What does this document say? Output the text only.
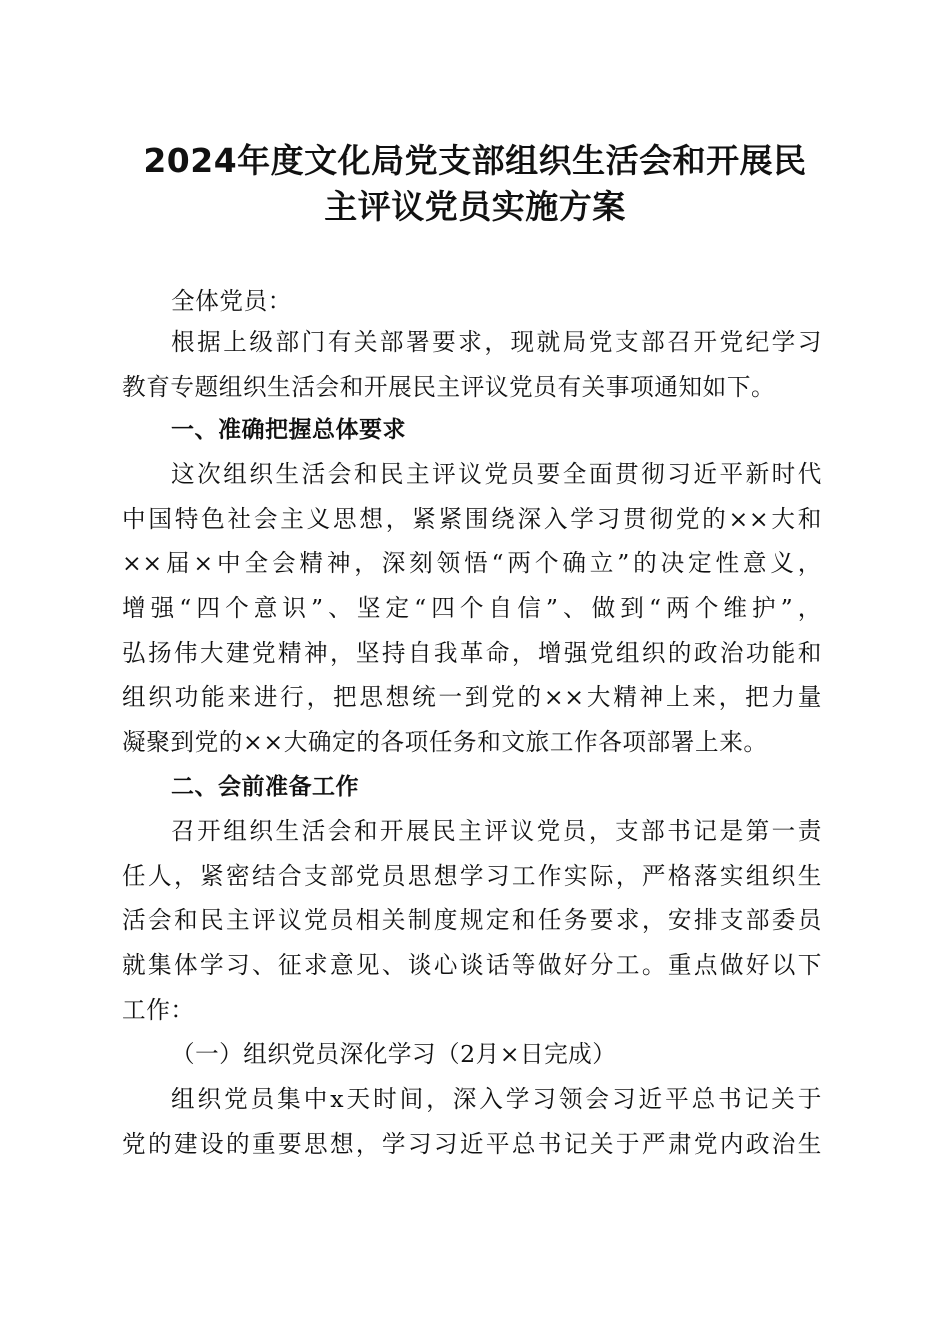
2024年度文化局党支部组织生活会和开展民
主评议党员实施方案
全体党员：
根据上级部门有关部署要求，现就局党支部召开党纪学习
教育专题组织生活会和开展民主评议党员有关事项通知如下。
一、准确把握总体要求
这次组织生活会和民主评议党员要全面贯彻习近平新时代
中国特色社会主义思想，紧紧围绕深入学习贯彻党的××大和
××届×中全会精神，深刻领悟“两个确立”的决定性意义，
增强“四个意识”、坚定“四个自信”、做到“两个维护”，
弘扬伟大建党精神，坚持自我革命，增强党组织的政治功能和
组织功能来进行，把思想统一到党的××大精神上来，把力量
凝聚到党的××大确定的各项任务和文旅工作各项部署上来。
二、会前准备工作
召开组织生活会和开展民主评议党员，支部书记是第一责
任人，紧密结合支部党员思想学习工作实际，严格落实组织生
活会和民主评议党员相关制度规定和任务要求，安排支部委员
就集体学习、征求意见、谈心谈话等做好分工。重点做好以下
工作：
（一）组织党员深化学习（2月×日完成）
组织党员集中x天时间，深入学习领会习近平总书记关于
党的建设的重要思想，学习习近平总书记关于严肃党内政治生
